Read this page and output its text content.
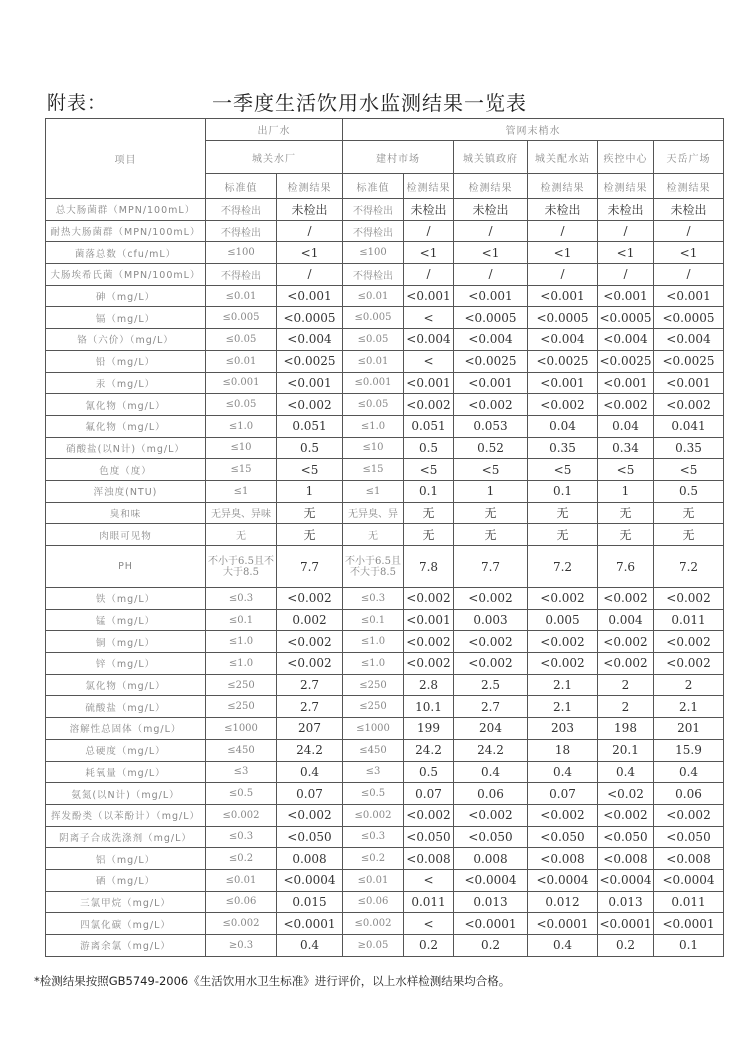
附表：	一季度生活饮用水监测结果一览表
项目	出厂水		管网末梢水					
	城关水厂		建村市场		城关镇政府	城关配水站	疾控中心	天岳广场
	标准值	检测结果	标准值	检测结果	检测结果	检测结果	检测结果	检测结果
总大肠菌群（MPN/100mL）	不得检出	未检出	不得检出	未检出	未检出	未检出	未检出	未检出
耐热大肠菌群（MPN/100mL）	不得检出	/	不得检出	/	/	/	/	/
菌落总数（cfu/mL）	≤100	<1	≤100	<1	<1	<1	<1	<1
大肠埃希氏菌（MPN/100mL）	不得检出	/	不得检出	/	/	/	/	/
砷（mg/L）	≤0.01	<0.001	≤0.01	<0.001	<0.001	<0.001	<0.001	<0.001
镉（mg/L）	≤0.005	<0.0005	≤0.005	<	<0.0005	<0.0005	<0.0005	<0.0005
铬（六价）（mg/L）	≤0.05	<0.004	≤0.05	<0.004	<0.004	<0.004	<0.004	<0.004
铅（mg/L）	≤0.01	<0.0025	≤0.01	<	<0.0025	<0.0025	<0.0025	<0.0025
汞（mg/L）	≤0.001	<0.001	≤0.001	<0.001	<0.001	<0.001	<0.001	<0.001
氰化物（mg/L）	≤0.05	<0.002	≤0.05	<0.002	<0.002	<0.002	<0.002	<0.002
氟化物（mg/L）	≤1.0	0.051	≤1.0	0.051	0.053	0.04	0.04	0.041
硝酸盐(以N计)（mg/L）	≤10	0.5	≤10	0.5	0.52	0.35	0.34	0.35
色度（度）	≤15	<5	≤15	<5	<5	<5	<5	<5
浑浊度(NTU)	≤1	1	≤1	0.1	1	0.1	1	0.5
臭和味	无异臭、异味	无	无异臭、异	无	无	无	无	无
肉眼可见物	无	无	无	无	无	无	无	无
PH	不小于6.5且不大于8.5	7.7	不小于6.5且不大于8.5	7.8	7.7	7.2	7.6	7.2
铁（mg/L）	≤0.3	<0.002	≤0.3	<0.002	<0.002	<0.002	<0.002	<0.002
锰（mg/L）	≤0.1	0.002	≤0.1	<0.001	0.003	0.005	0.004	0.011
铜（mg/L）	≤1.0	<0.002	≤1.0	<0.002	<0.002	<0.002	<0.002	<0.002
锌（mg/L）	≤1.0	<0.002	≤1.0	<0.002	<0.002	<0.002	<0.002	<0.002
氯化物（mg/L）	≤250	2.7	≤250	2.8	2.5	2.1	2	2
硫酸盐（mg/L）	≤250	2.7	≤250	10.1	2.7	2.1	2	2.1
溶解性总固体（mg/L）	≤1000	207	≤1000	199	204	203	198	201
总硬度（mg/L）	≤450	24.2	≤450	24.2	24.2	18	20.1	15.9
耗氧量（mg/L）	≤3	0.4	≤3	0.5	0.4	0.4	0.4	0.4
氨氮(以N计)（mg/L）	≤0.5	0.07	≤0.5	0.07	0.06	0.07	<0.02	0.06
挥发酚类（以苯酚计）（mg/L）	≤0.002	<0.002	≤0.002	<0.002	<0.002	<0.002	<0.002	<0.002
阴离子合成洗涤剂（mg/L）	≤0.3	<0.050	≤0.3	<0.050	<0.050	<0.050	<0.050	<0.050
铝（mg/L）	≤0.2	0.008	≤0.2	<0.008	0.008	<0.008	<0.008	<0.008
硒（mg/L）	≤0.01	<0.0004	≤0.01	<	<0.0004	<0.0004	<0.0004	<0.0004
三氯甲烷（mg/L）	≤0.06	0.015	≤0.06	0.011	0.013	0.012	0.013	0.011
四氯化碳（mg/L）	≤0.002	<0.0001	≤0.002	<	<0.0001	<0.0001	<0.0001	<0.0001
游离余氯（mg/L）	≥0.3	0.4	≥0.05	0.2	0.2	0.4	0.2	0.1
*检测结果按照GB5749-2006《生活饮用水卫生标准》进行评价，以上水样检测结果均合格。
